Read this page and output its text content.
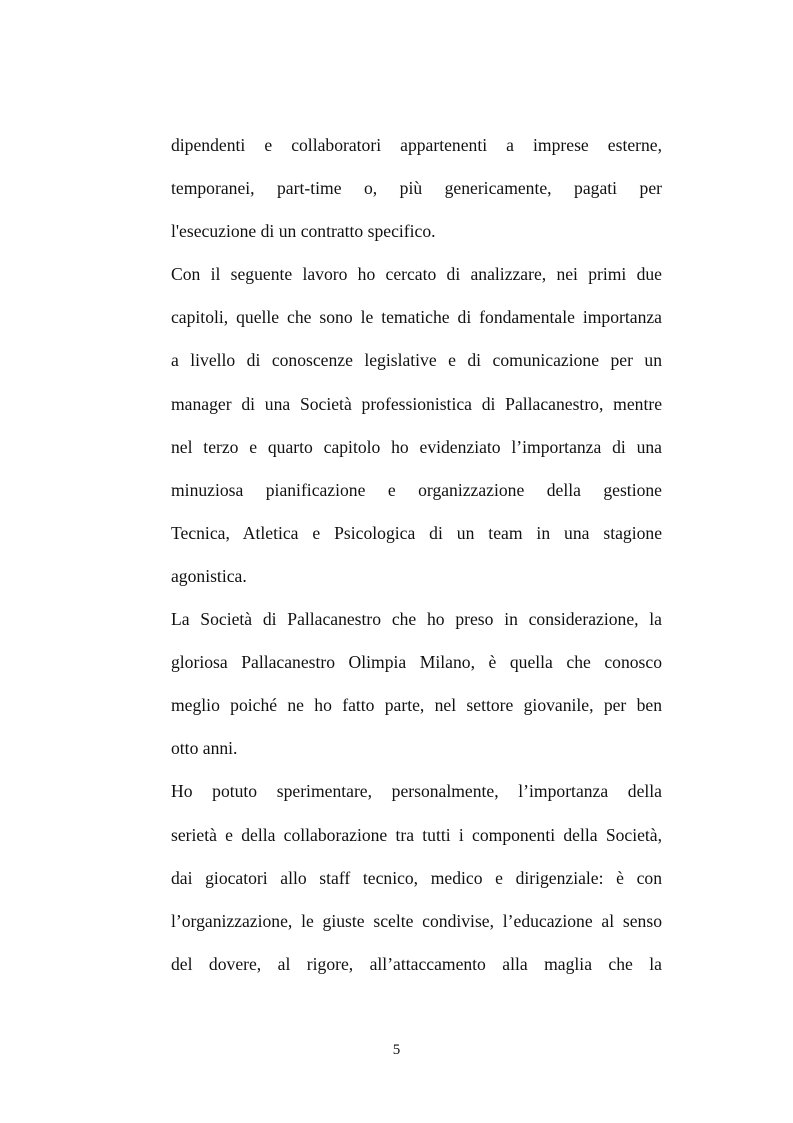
dipendenti e collaboratori appartenenti a imprese esterne,
temporanei, part-time o, più genericamente, pagati per
l'esecuzione di un contratto specifico.
Con il seguente lavoro ho cercato di analizzare, nei primi due
capitoli, quelle che sono le tematiche di fondamentale importanza
a livello di conoscenze legislative e di comunicazione per un
manager di una Società professionistica di Pallacanestro, mentre
nel terzo e quarto capitolo ho evidenziato l’importanza di una
minuziosa pianificazione e organizzazione della gestione
Tecnica, Atletica e Psicologica di un team in una stagione
agonistica.
La Società di Pallacanestro che ho preso in considerazione, la
gloriosa Pallacanestro Olimpia Milano, è quella che conosco
meglio poiché ne ho fatto parte, nel settore giovanile, per ben
otto anni.
Ho potuto sperimentare, personalmente, l’importanza della
serietà e della collaborazione tra tutti i componenti della Società,
dai giocatori allo staff tecnico, medico e dirigenziale: è con
l’organizzazione, le giuste scelte condivise, l’educazione al senso
del dovere, al rigore, all’attaccamento alla maglia che la
5
